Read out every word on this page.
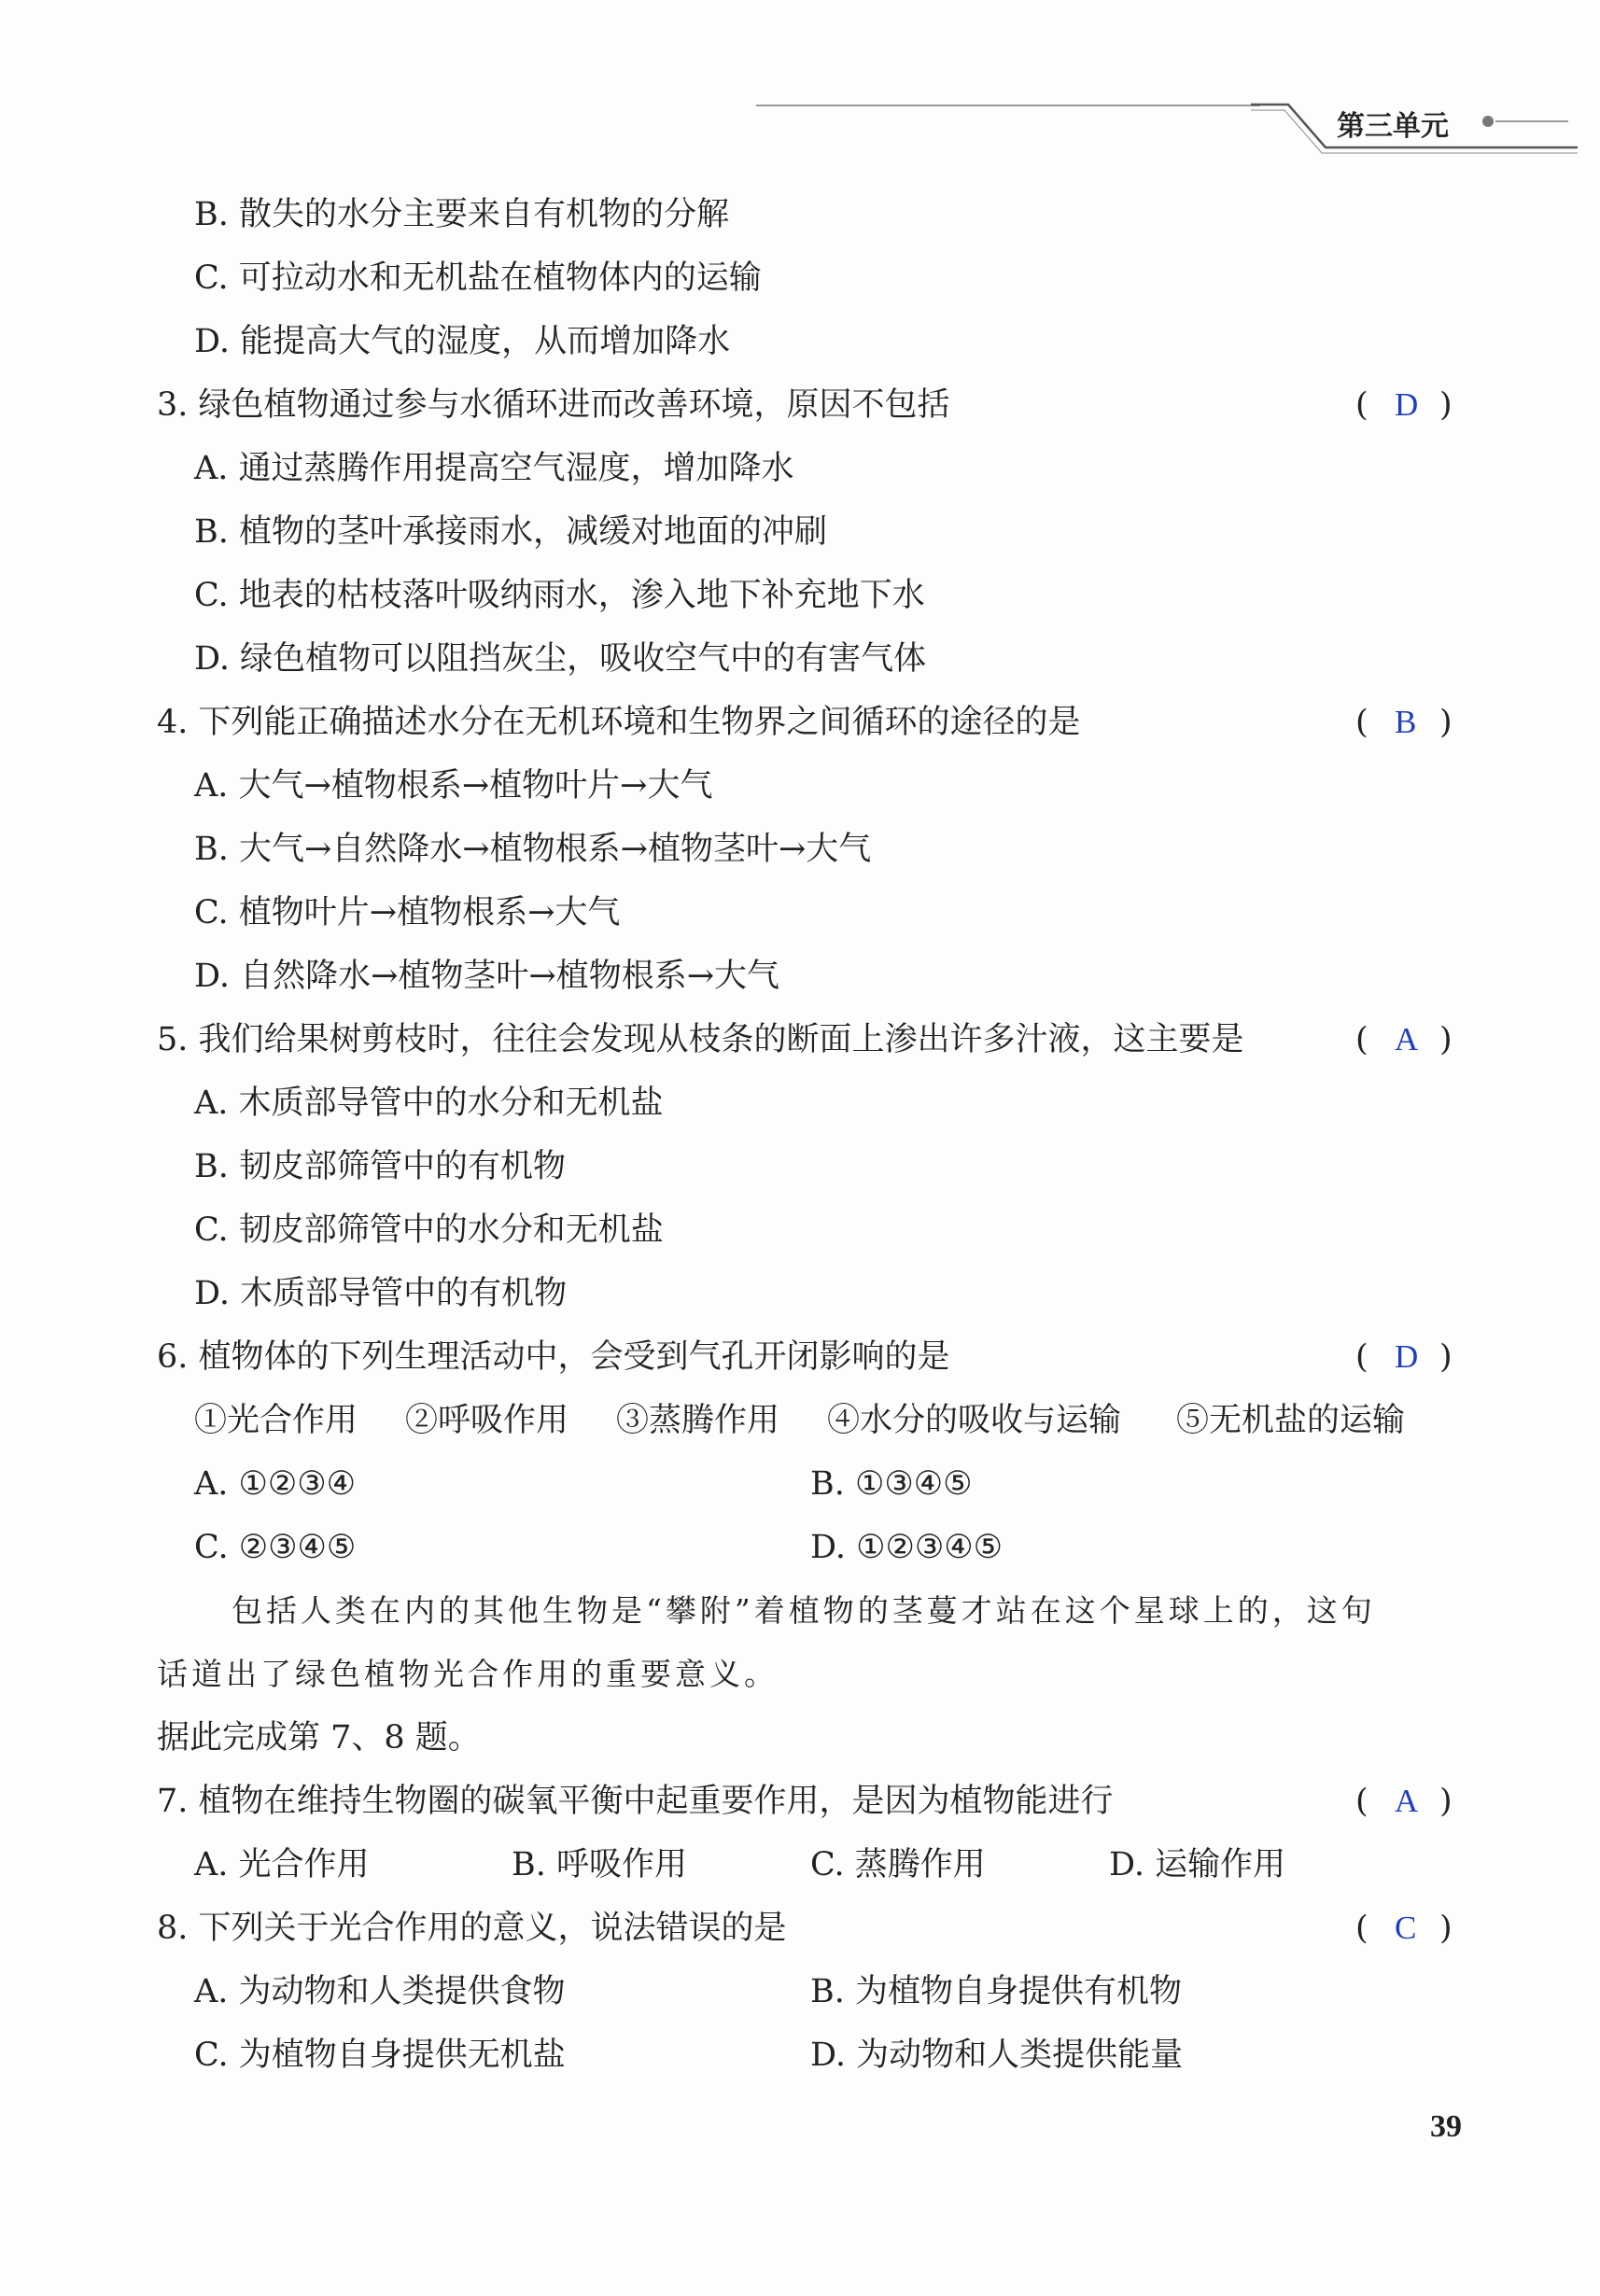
第三单元
B. 散失的水分主要来自有机物的分解
C. 可拉动水和无机盐在植物体内的运输
D. 能提高大气的湿度，从而增加降水
3. 绿色植物通过参与水循环进而改善环境，原因不包括	( D )
A. 通过蒸腾作用提高空气湿度，增加降水
B. 植物的茎叶承接雨水，减缓对地面的冲刷
C. 地表的枯枝落叶吸纳雨水，渗入地下补充地下水
D. 绿色植物可以阻挡灰尘，吸收空气中的有害气体
4. 下列能正确描述水分在无机环境和生物界之间循环的途径的是	( B )
A. 大气→植物根系→植物叶片→大气
B. 大气→自然降水→植物根系→植物茎叶→大气
C. 植物叶片→植物根系→大气
D. 自然降水→植物茎叶→植物根系→大气
5. 我们给果树剪枝时，往往会发现从枝条的断面上渗出许多汁液，这主要是	( A )
A. 木质部导管中的水分和无机盐
B. 韧皮部筛管中的有机物
C. 韧皮部筛管中的水分和无机盐
D. 木质部导管中的有机物
6. 植物体的下列生理活动中，会受到气孔开闭影响的是	( D )
①光合作用 ②呼吸作用 ③蒸腾作用 ④水分的吸收与运输 ⑤无机盐的运输
A. ①②③④	B. ①③④⑤
C. ②③④⑤	D. ①②③④⑤
包括人类在内的其他生物是“攀附”着植物的茎蔓才站在这个星球上的，这句
话道出了绿色植物光合作用的重要意义。
据此完成第 7、8 题。
7. 植物在维持生物圈的碳氧平衡中起重要作用，是因为植物能进行	( A )
A. 光合作用	B. 呼吸作用	C. 蒸腾作用	D. 运输作用
8. 下列关于光合作用的意义，说法错误的是	( C )
A. 为动物和人类提供食物	B. 为植物自身提供有机物
C. 为植物自身提供无机盐	D. 为动物和人类提供能量
39
